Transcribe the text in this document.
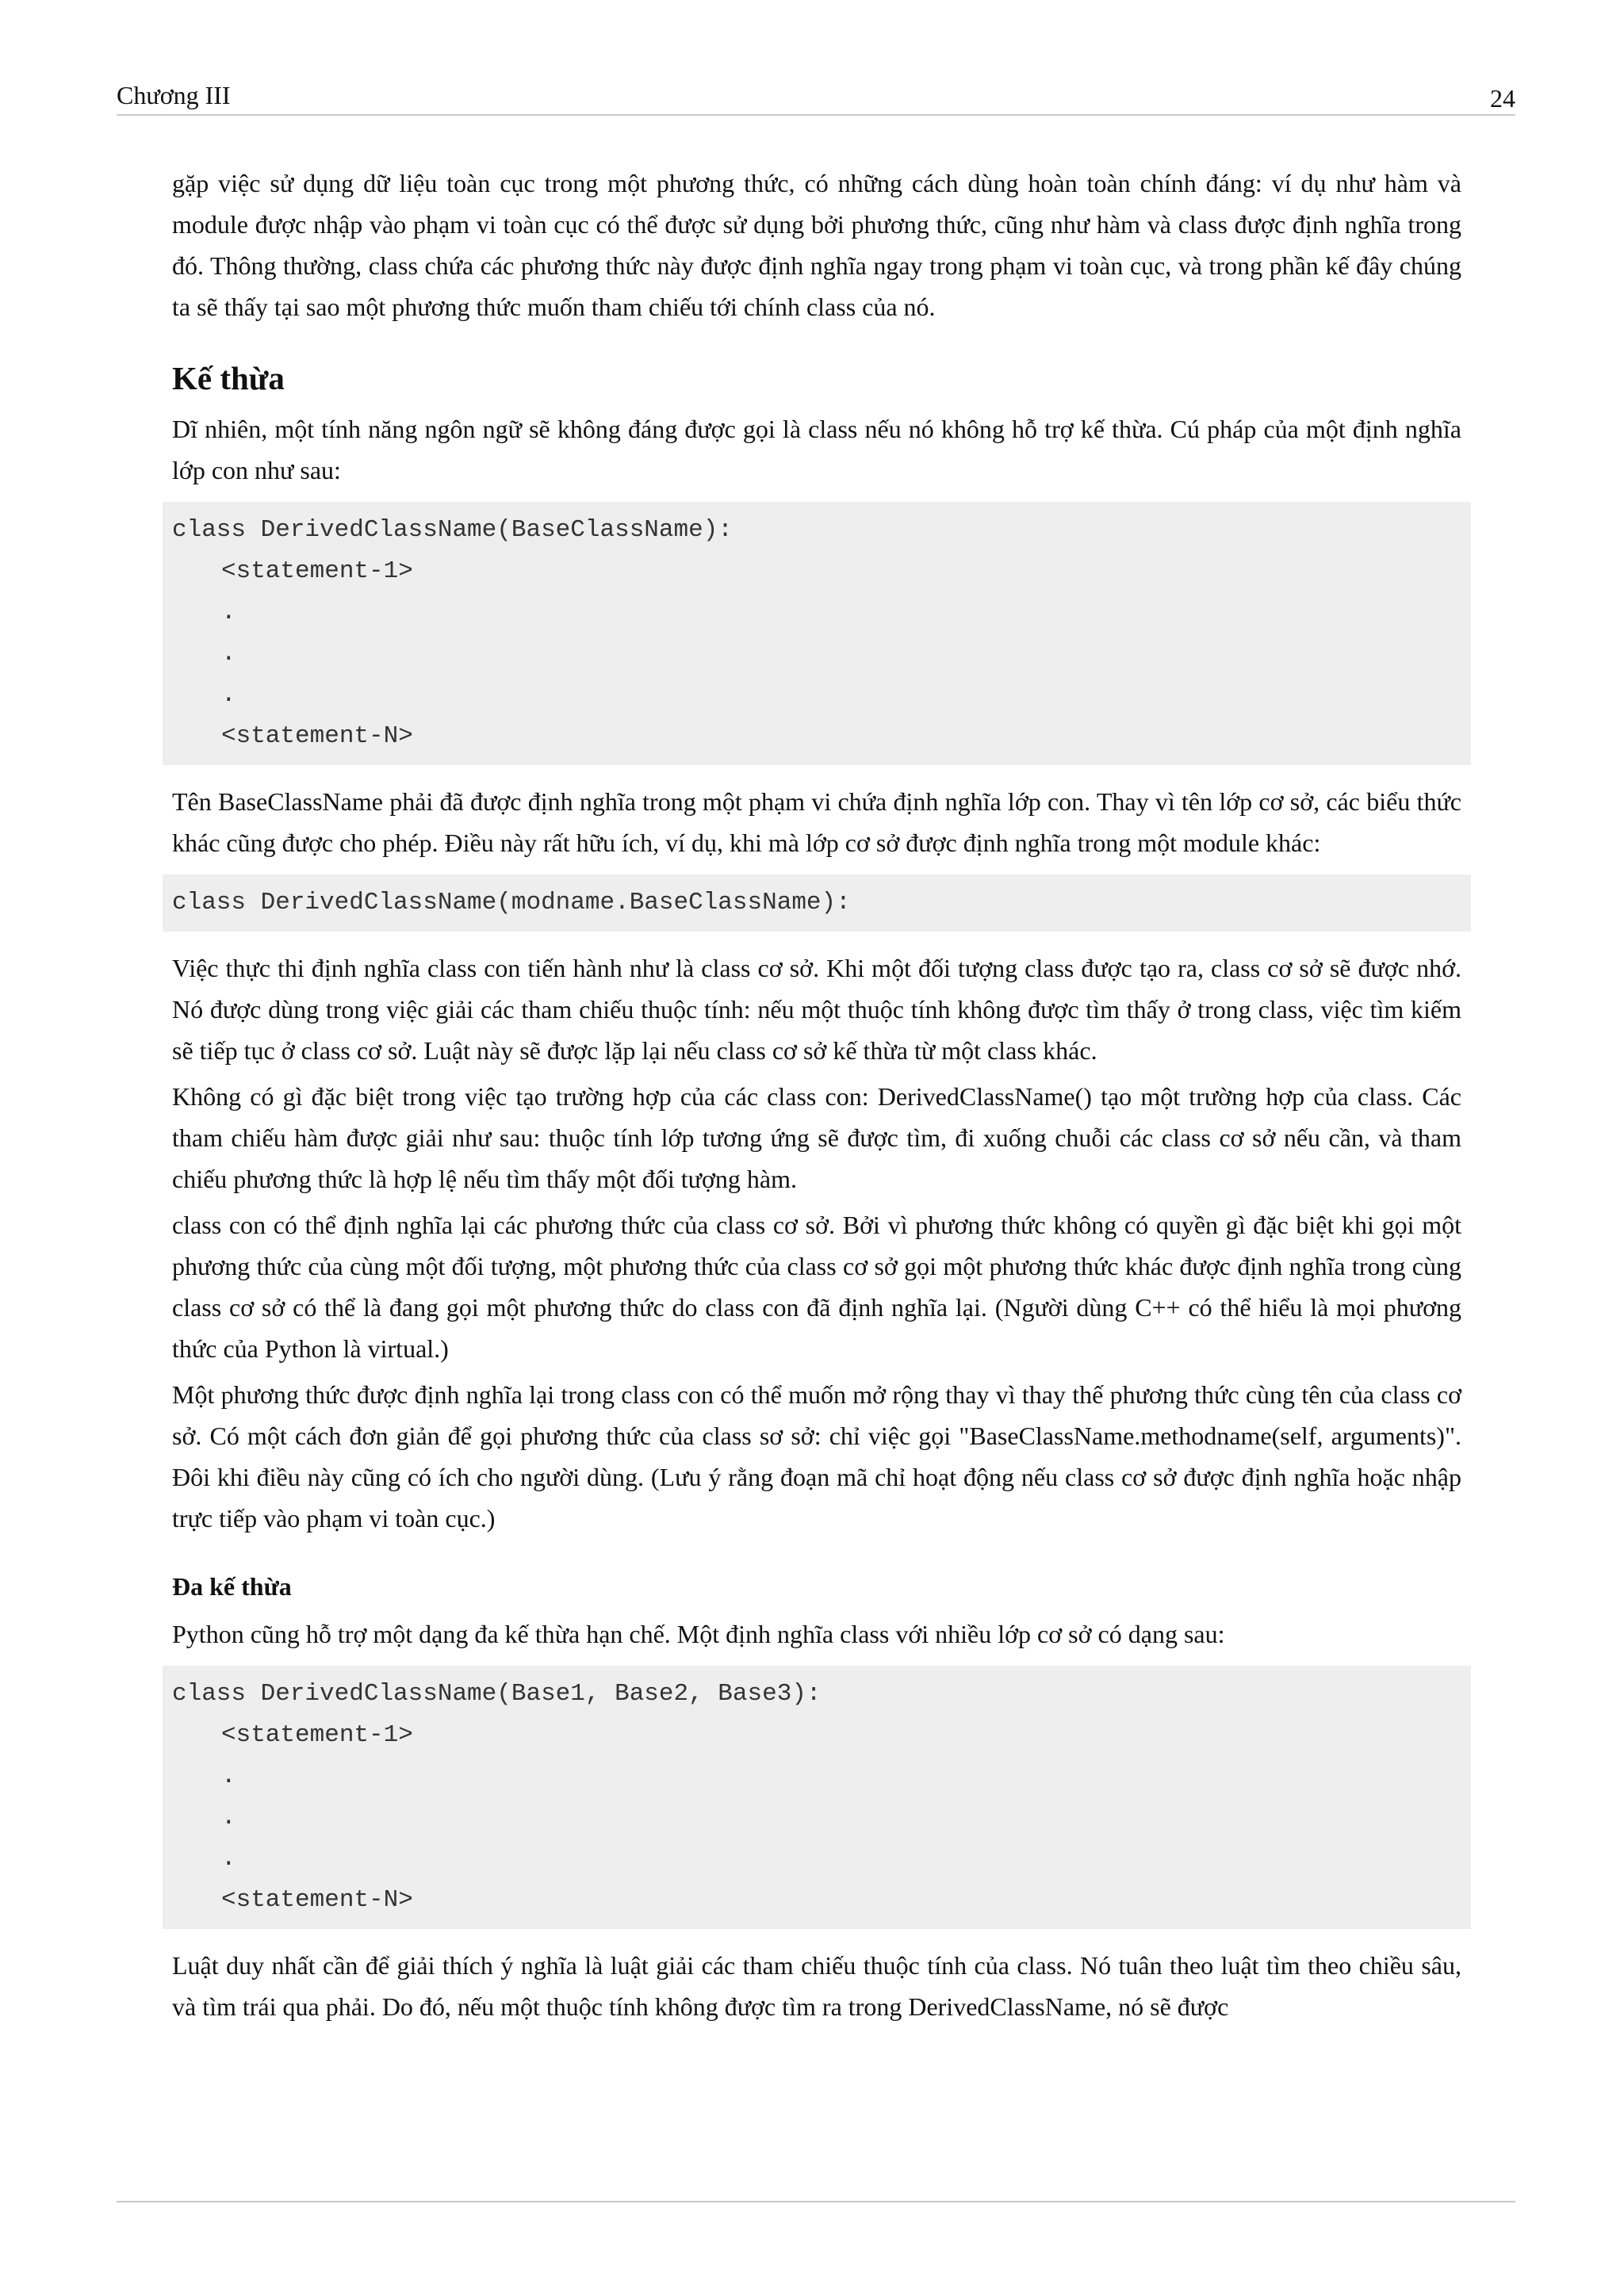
Chương III	24

gặp việc sử dụng dữ liệu toàn cục trong một phương thức, có những cách dùng hoàn toàn chính đáng: ví dụ như hàm và module được nhập vào phạm vi toàn cục có thể được sử dụng bởi phương thức, cũng như hàm và class được định nghĩa trong đó. Thông thường, class chứa các phương thức này được định nghĩa ngay trong phạm vi toàn cục, và trong phần kế đây chúng ta sẽ thấy tại sao một phương thức muốn tham chiếu tới chính class của nó.

Kế thừa

Dĩ nhiên, một tính năng ngôn ngữ sẽ không đáng được gọi là class nếu nó không hỗ trợ kế thừa. Cú pháp của một định nghĩa lớp con như sau:

class DerivedClassName(BaseClassName):
<statement-1>
.
.
.
<statement-N>

Tên BaseClassName phải đã được định nghĩa trong một phạm vi chứa định nghĩa lớp con. Thay vì tên lớp cơ sở, các biểu thức khác cũng được cho phép. Điều này rất hữu ích, ví dụ, khi mà lớp cơ sở được định nghĩa trong một module khác:

class DerivedClassName(modname.BaseClassName):

Việc thực thi định nghĩa class con tiến hành như là class cơ sở. Khi một đối tượng class được tạo ra, class cơ sở sẽ được nhớ. Nó được dùng trong việc giải các tham chiếu thuộc tính: nếu một thuộc tính không được tìm thấy ở trong class, việc tìm kiếm sẽ tiếp tục ở class cơ sở. Luật này sẽ được lặp lại nếu class cơ sở kế thừa từ một class khác.

Không có gì đặc biệt trong việc tạo trường hợp của các class con: DerivedClassName() tạo một trường hợp của class. Các tham chiếu hàm được giải như sau: thuộc tính lớp tương ứng sẽ được tìm, đi xuống chuỗi các class cơ sở nếu cần, và tham chiếu phương thức là hợp lệ nếu tìm thấy một đối tượng hàm.

class con có thể định nghĩa lại các phương thức của class cơ sở. Bởi vì phương thức không có quyền gì đặc biệt khi gọi một phương thức của cùng một đối tượng, một phương thức của class cơ sở gọi một phương thức khác được định nghĩa trong cùng class cơ sở có thể là đang gọi một phương thức do class con đã định nghĩa lại. (Người dùng C++ có thể hiểu là mọi phương thức của Python là virtual.)

Một phương thức được định nghĩa lại trong class con có thể muốn mở rộng thay vì thay thế phương thức cùng tên của class cơ sở. Có một cách đơn giản để gọi phương thức của class sơ sở: chỉ việc gọi "BaseClassName.methodname(self, arguments)". Đôi khi điều này cũng có ích cho người dùng. (Lưu ý rằng đoạn mã chỉ hoạt động nếu class cơ sở được định nghĩa hoặc nhập trực tiếp vào phạm vi toàn cục.)

Đa kế thừa

Python cũng hỗ trợ một dạng đa kế thừa hạn chế. Một định nghĩa class với nhiều lớp cơ sở có dạng sau:

class DerivedClassName(Base1, Base2, Base3):
<statement-1>
.
.
.
<statement-N>

Luật duy nhất cần để giải thích ý nghĩa là luật giải các tham chiếu thuộc tính của class. Nó tuân theo luật tìm theo chiều sâu, và tìm trái qua phải. Do đó, nếu một thuộc tính không được tìm ra trong DerivedClassName, nó sẽ được
